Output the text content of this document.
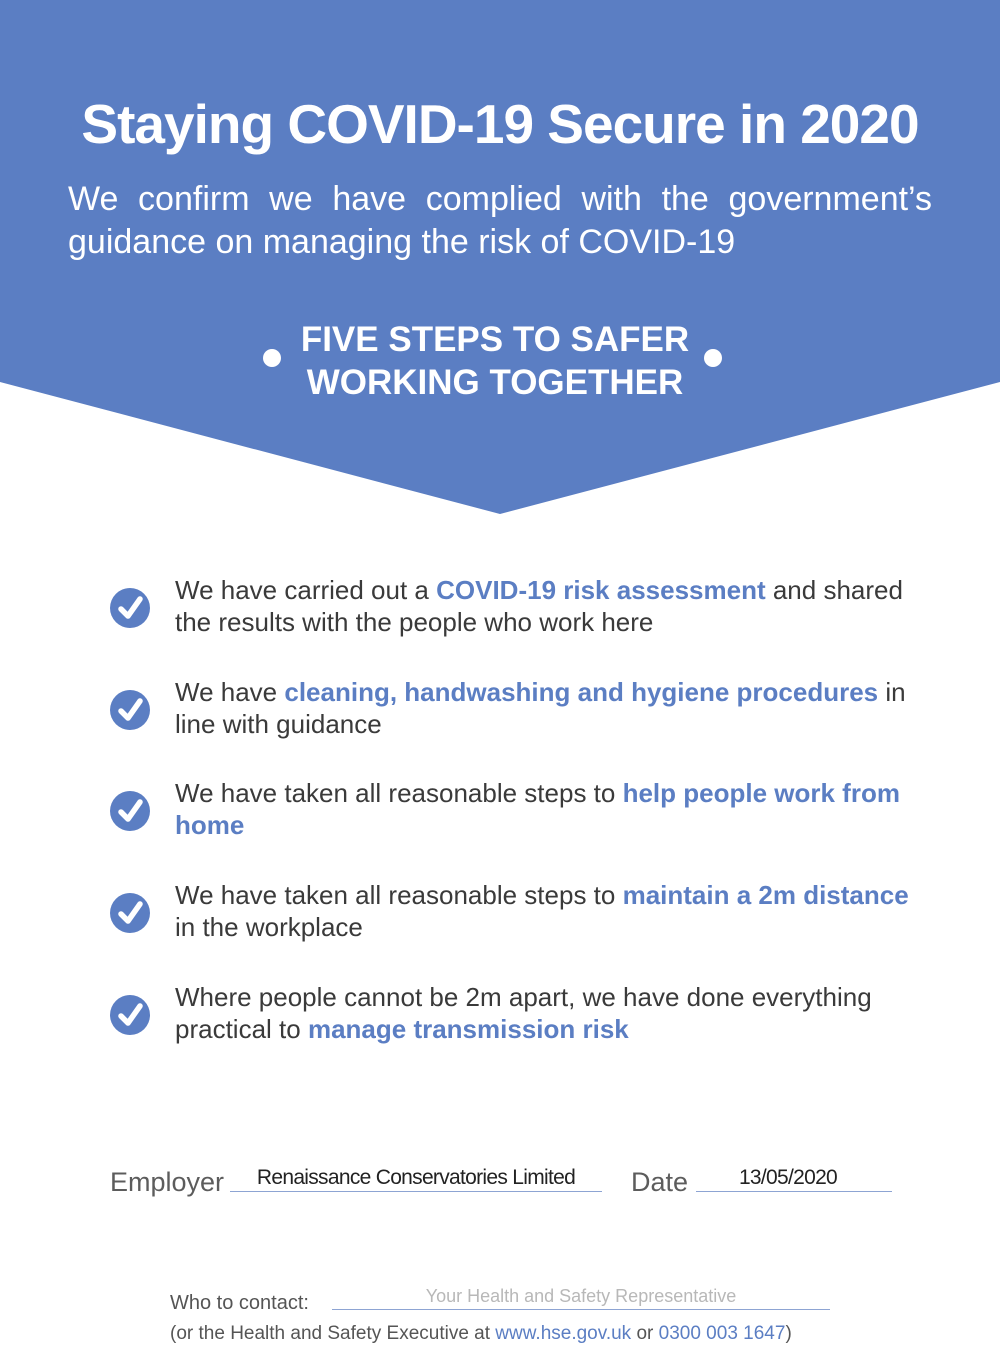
Staying COVID-19 Secure in 2020

We confirm we have complied with the government’s guidance on managing the risk of COVID-19

FIVE STEPS TO SAFER
WORKING TOGETHER
We have carried out a COVID-19 risk assessment and shared the results with the people who work here
We have cleaning, handwashing and hygiene procedures in line with guidance
We have taken all reasonable steps to help people work from home
We have taken all reasonable steps to maintain a 2m distance in the workplace
Where people cannot be 2m apart, we have done everything practical to manage transmission risk
Employer	Renaissance Conservatories Limited	Date	13/05/2020
Who to contact:	Your Health and Safety Representative
(or the Health and Safety Executive at www.hse.gov.uk or 0300 003 1647)
